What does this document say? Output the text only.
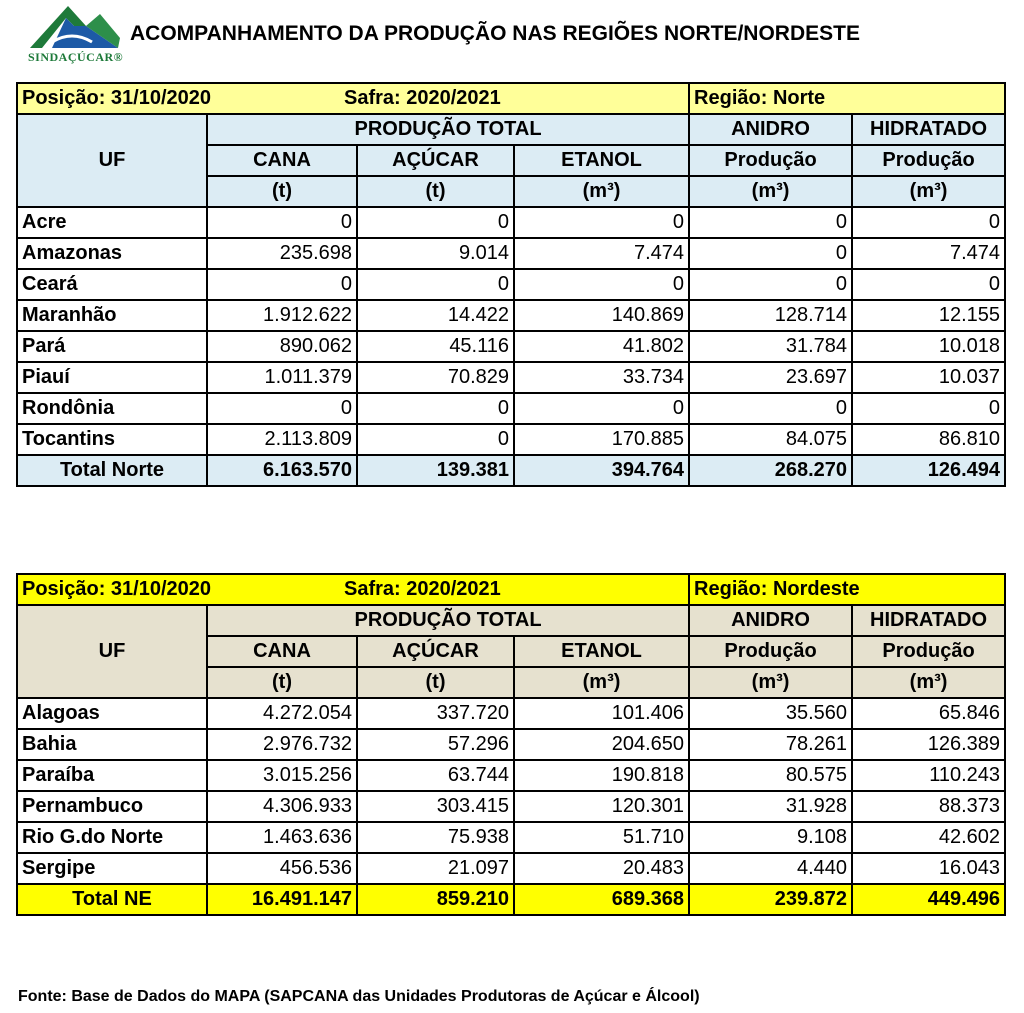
SINDAÇÚCAR®
ACOMPANHAMENTO DA PRODUÇÃO NAS REGIÕES NORTE/NORDESTE
Posição: 31/10/2020 Safra: 2020/2021				Região: Norte	
UF	PRODUÇÃO TOTAL			ANIDRO	HIDRATADO
	CANA	AÇÚCAR	ETANOL	Produção	Produção
	(t)	(t)	(m³)	(m³)	(m³)
Acre	0	0	0	0	0
Amazonas	235.698	9.014	7.474	0	7.474
Ceará	0	0	0	0	0
Maranhão	1.912.622	14.422	140.869	128.714	12.155
Pará	890.062	45.116	41.802	31.784	10.018
Piauí	1.011.379	70.829	33.734	23.697	10.037
Rondônia	0	0	0	0	0
Tocantins	2.113.809	0	170.885	84.075	86.810
Total Norte	6.163.570	139.381	394.764	268.270	126.494
Posição: 31/10/2020 Safra: 2020/2021				Região: Nordeste	
UF	PRODUÇÃO TOTAL			ANIDRO	HIDRATADO
	CANA	AÇÚCAR	ETANOL	Produção	Produção
	(t)	(t)	(m³)	(m³)	(m³)
Alagoas	4.272.054	337.720	101.406	35.560	65.846
Bahia	2.976.732	57.296	204.650	78.261	126.389
Paraíba	3.015.256	63.744	190.818	80.575	110.243
Pernambuco	4.306.933	303.415	120.301	31.928	88.373
Rio G.do Norte	1.463.636	75.938	51.710	9.108	42.602
Sergipe	456.536	21.097	20.483	4.440	16.043
Total NE	16.491.147	859.210	689.368	239.872	449.496
Fonte: Base de Dados do MAPA (SAPCANA das Unidades Produtoras de Açúcar e Álcool)
